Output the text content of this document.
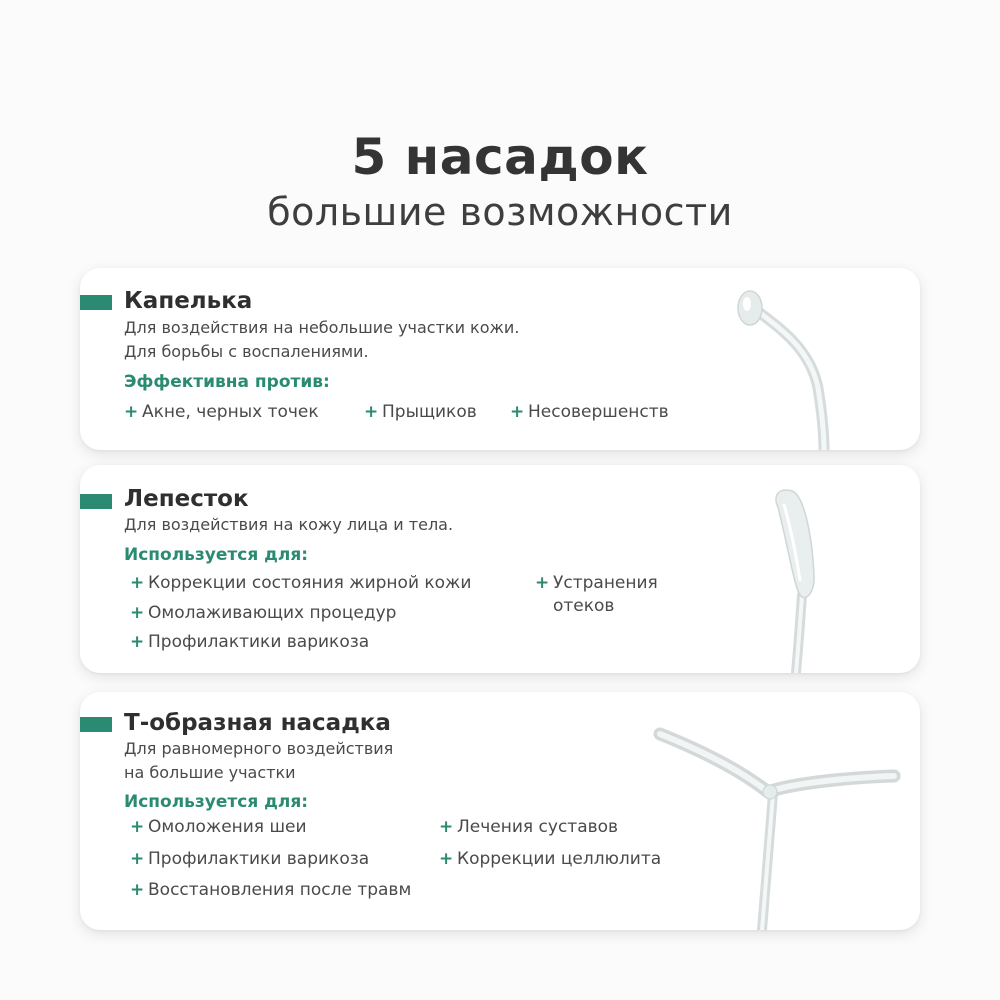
5 насадок
большие возможности
Капелька
Для воздействия на небольшие участки кожи.
Для борьбы с воспалениями.
Эффективна против:
+ Акне, черных точек	+ Прыщиков + Несовершенств
Лепесток
Для воздействия на кожу лица и тела.
Используется для:
+ Коррекции состояния жирной кожи
+ Омолаживающих процедур
+ Профилактики варикоза
+ Устранения отеков
Т-образная насадка
Для равномерного воздействия
на большие участки
Используется для:
+ Омоложения шеи
+ Профилактики варикоза
+ Восстановления после травм
+ Лечения суставов
+ Коррекции целлюлита
